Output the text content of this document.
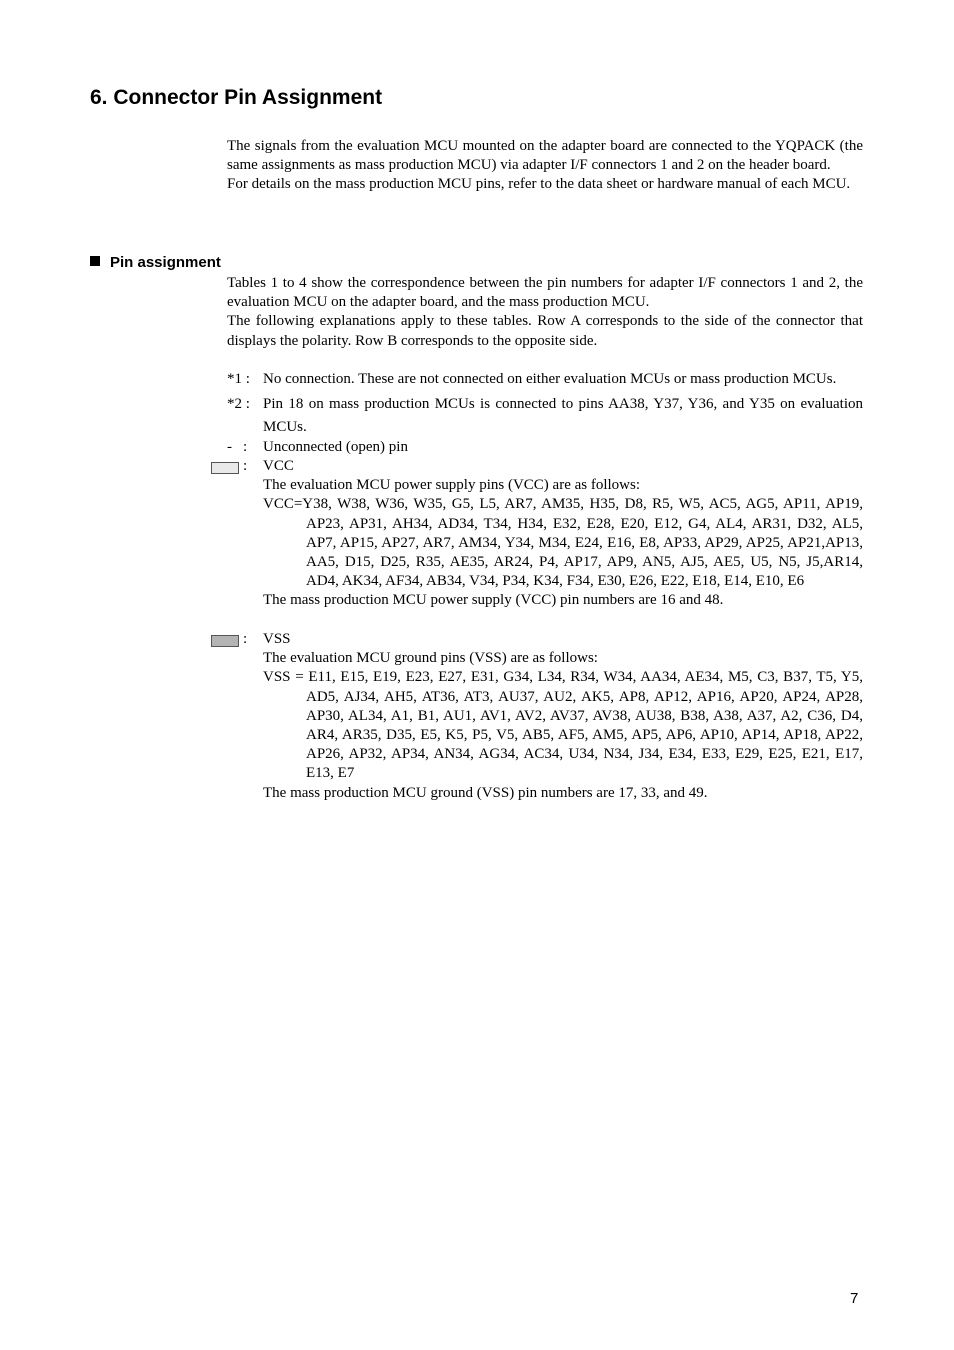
6. Connector Pin Assignment

The signals from the evaluation MCU mounted on the adapter board are connected to the YQPACK (the same assignments as mass production MCU) via adapter I/F connectors 1 and 2 on the header board.

For details on the mass production MCU pins, refer to the data sheet or hardware manual of each MCU.

Pin assignment

Tables 1 to 4 show the correspondence between the pin numbers for adapter I/F connectors 1 and 2, the evaluation MCU on the adapter board, and the mass production MCU.

The following explanations apply to these tables. Row A corresponds to the side of the connector that displays the polarity. Row B corresponds to the opposite side.

*1 : No connection. These are not connected on either evaluation MCUs or mass production MCUs.
*2 : Pin 18 on mass production MCUs is connected to pins AA38, Y37, Y36, and Y35 on evaluation MCUs.
- : Unconnected (open) pin
: VCC

The evaluation MCU power supply pins (VCC) are as follows:

VCC=Y38, W38, W36, W35, G5, L5, AR7, AM35, H35, D8, R5, W5, AC5, AG5, AP11, AP19, AP23, AP31, AH34, AD34, T34, H34, E32, E28, E20, E12, G4, AL4, AR31, D32, AL5, AP7, AP15, AP27, AR7, AM34, Y34, M34, E24, E16, E8, AP33, AP29, AP25, AP21,AP13, AA5, D15, D25, R35, AE35, AR24, P4, AP17, AP9, AN5, AJ5, AE5, U5, N5, J5,AR14, AD4, AK34, AF34, AB34, V34, P34, K34, F34, E30, E26, E22, E18, E14, E10, E6

The mass production MCU power supply (VCC) pin numbers are 16 and 48.

: VSS

The evaluation MCU ground pins (VSS) are as follows:

VSS = E11, E15, E19, E23, E27, E31, G34, L34, R34, W34, AA34, AE34, M5, C3, B37, T5, Y5, AD5, AJ34, AH5, AT36, AT3, AU37, AU2, AK5, AP8, AP12, AP16, AP20, AP24, AP28, AP30, AL34, A1, B1, AU1, AV1, AV2, AV37, AV38, AU38, B38, A38, A37, A2, C36, D4, AR4, AR35, D35, E5, K5, P5, V5, AB5, AF5, AM5, AP5, AP6, AP10, AP14, AP18, AP22, AP26, AP32, AP34, AN34, AG34, AC34, U34, N34, J34, E34, E33, E29, E25, E21, E17, E13, E7

The mass production MCU ground (VSS) pin numbers are 17, 33, and 49.

7
